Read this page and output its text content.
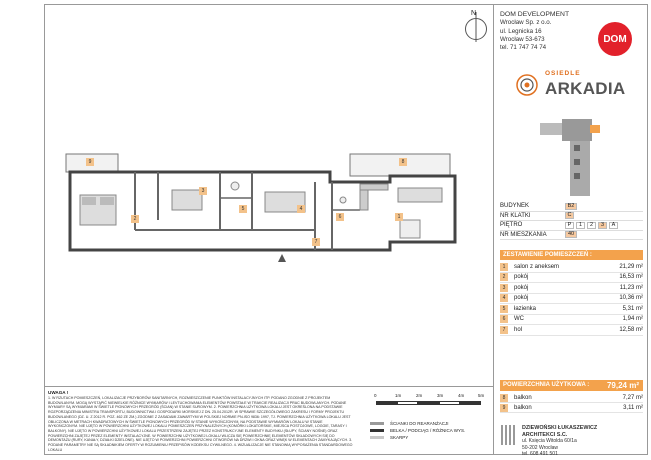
9	8
1
2
3
4
5
6
7
N	DOM DEVELOPMENT
Wrocław Sp. z o.o.
ul. Legnicka 16
Wrocław 53-673
tel. 71 747 74 74
DOM
OSIEDLE
ARKADIA
BUDYNEK	B2
NR KLATKI	C
PIĘTRO	P	1	2	3	A
NR MIESZKANIA	40
ZESTAWIENIE POMIESZCZEŃ :
1	salon z aneksem	21,29 m²
2	pokój	16,53 m²
3	pokój	11,23 m²
4	pokój	10,36 m²
5	łazienka	5,31 m²
6	WC	1,94 m²
7	hol	12,58 m²
POWIERZCHNIA UŻYTKOWA : 79,24 m²
8	balkon	7,27 m²
9	balkon	3,11 m²
DZIEWOŃSKI ŁUKASZEWICZ
ARCHITEKCI S.C.
ul. Księcia Witolda 60/1a
50-202 Wrocław
tel. 608 491 501
UWAGA !
1. W RZUTACH POMIESZCZEŃ, LOKALIZACJE PRZYBORÓW SANITARNYCH, ROZMIESZCZENIE PUNKTÓW INSTALACYJNYCH ITP. PODANO ZGODNIE Z PROJEKTEM BUDOWLANYM. MOGĄ WYSTĄPIĆ NIEWIELKIE RÓŻNICE WYMIARÓW I LEVTUCHOWANIA ELEMENTÓW POWSTAŁE W TRAKCIE REALIZACJI PRAC BUDOWLANYCH. PODANE WYMIARY SĄ WYMIARAMI W ŚWIETLE PIONOWYCH PRZEGRÓD (ŚCIAN) W STANIE SUROWYM. 2. POWIERZCHNIA UŻYTKOWA LOKALU JEST OKREŚLONA NA PODSTAWIE ROZPORZĄDZENIA MINISTRA TRANSPORTU, BUDOWNICTWA I GOSPODARKI MORSKIEJ Z DN. 25.04.2012R. W SPRAWIE SZCZEGÓŁOWEGO ZAKRESU I FORMY PROJEKTU BUDOWLANEGO (DZ. U. Z 2012 R. POZ. 462 ZE ZM.) ZGODNIE Z ZASADAMI ZAWARTYMI W POLSKIEJ NORMIE PN-ISO 9836: 1997, TJ. POWIERZCHNIA UŻYTKOWA LOKALU JEST OBLICZONA W METRACH KWADRATOWYCH W ŚWIETLE PIONOWYCH PRZEGRÓD W STANIE WYKOŃCZONYM, NA PODSTAWIE WYMIARÓW LOKALU W STANIE WYKOŃCZONYM. NIE UJĘTO W POWIERZCHNI UŻYTKOWEJ LOKALU POMIESZCZEŃ PRZYNALEŻNYCH (KOMÓRKI LOKATORSKIE, MIEJSCA POSTOJOWE, LOGGIE, TARASY I BALKONY). NIE UJĘTO W POWIERZCHNI UŻYTKOWEJ LOKALU PRZESTRZENI ZAJĘTEJ PRZEZ KONSTRUKCYJNE ELEMENTY BUDYNKU (SŁUPY, ŚCIANY NOŚNE) ORAZ POWIERZCHNI ZAJĘTEJ PRZEZ ELEMENTY INSTALACYJNE. W POWIERZCHNI UŻYTKOWEJ LOKALU WLICZA SIĘ POWIERZCHNIĘ ELEMENTÓW SKŁADOWYCH SIĘ DO DEMONTAŻU (RURY, KANAŁY, DZIAŁKI DZIELONE). NIE UJĘTO W POWIERZCHNI POWIERZCHNI OTWORÓW NA DRZWI I OKNA ORAZ WNĘK W ELEMENTACH ZAMYKAJĄCYCH. 3. PODANE PARAMETRY NIE SĄ SKŁADNIKIEM OFERTY W ROZUMIENIU PRZEPISÓW KODEKSU CYWILNEGO. 4. WIZUALIZACJE NIE STANOWIĄ WYPOSAŻENIA STANDARDOWEGO LOKALU
0	1m	2m	3m	4m	5m
ŚCIANKI DO REARANŻACJI
BELKA / PODCIĄG / RÓŻNICA WYS.
SKARPY
